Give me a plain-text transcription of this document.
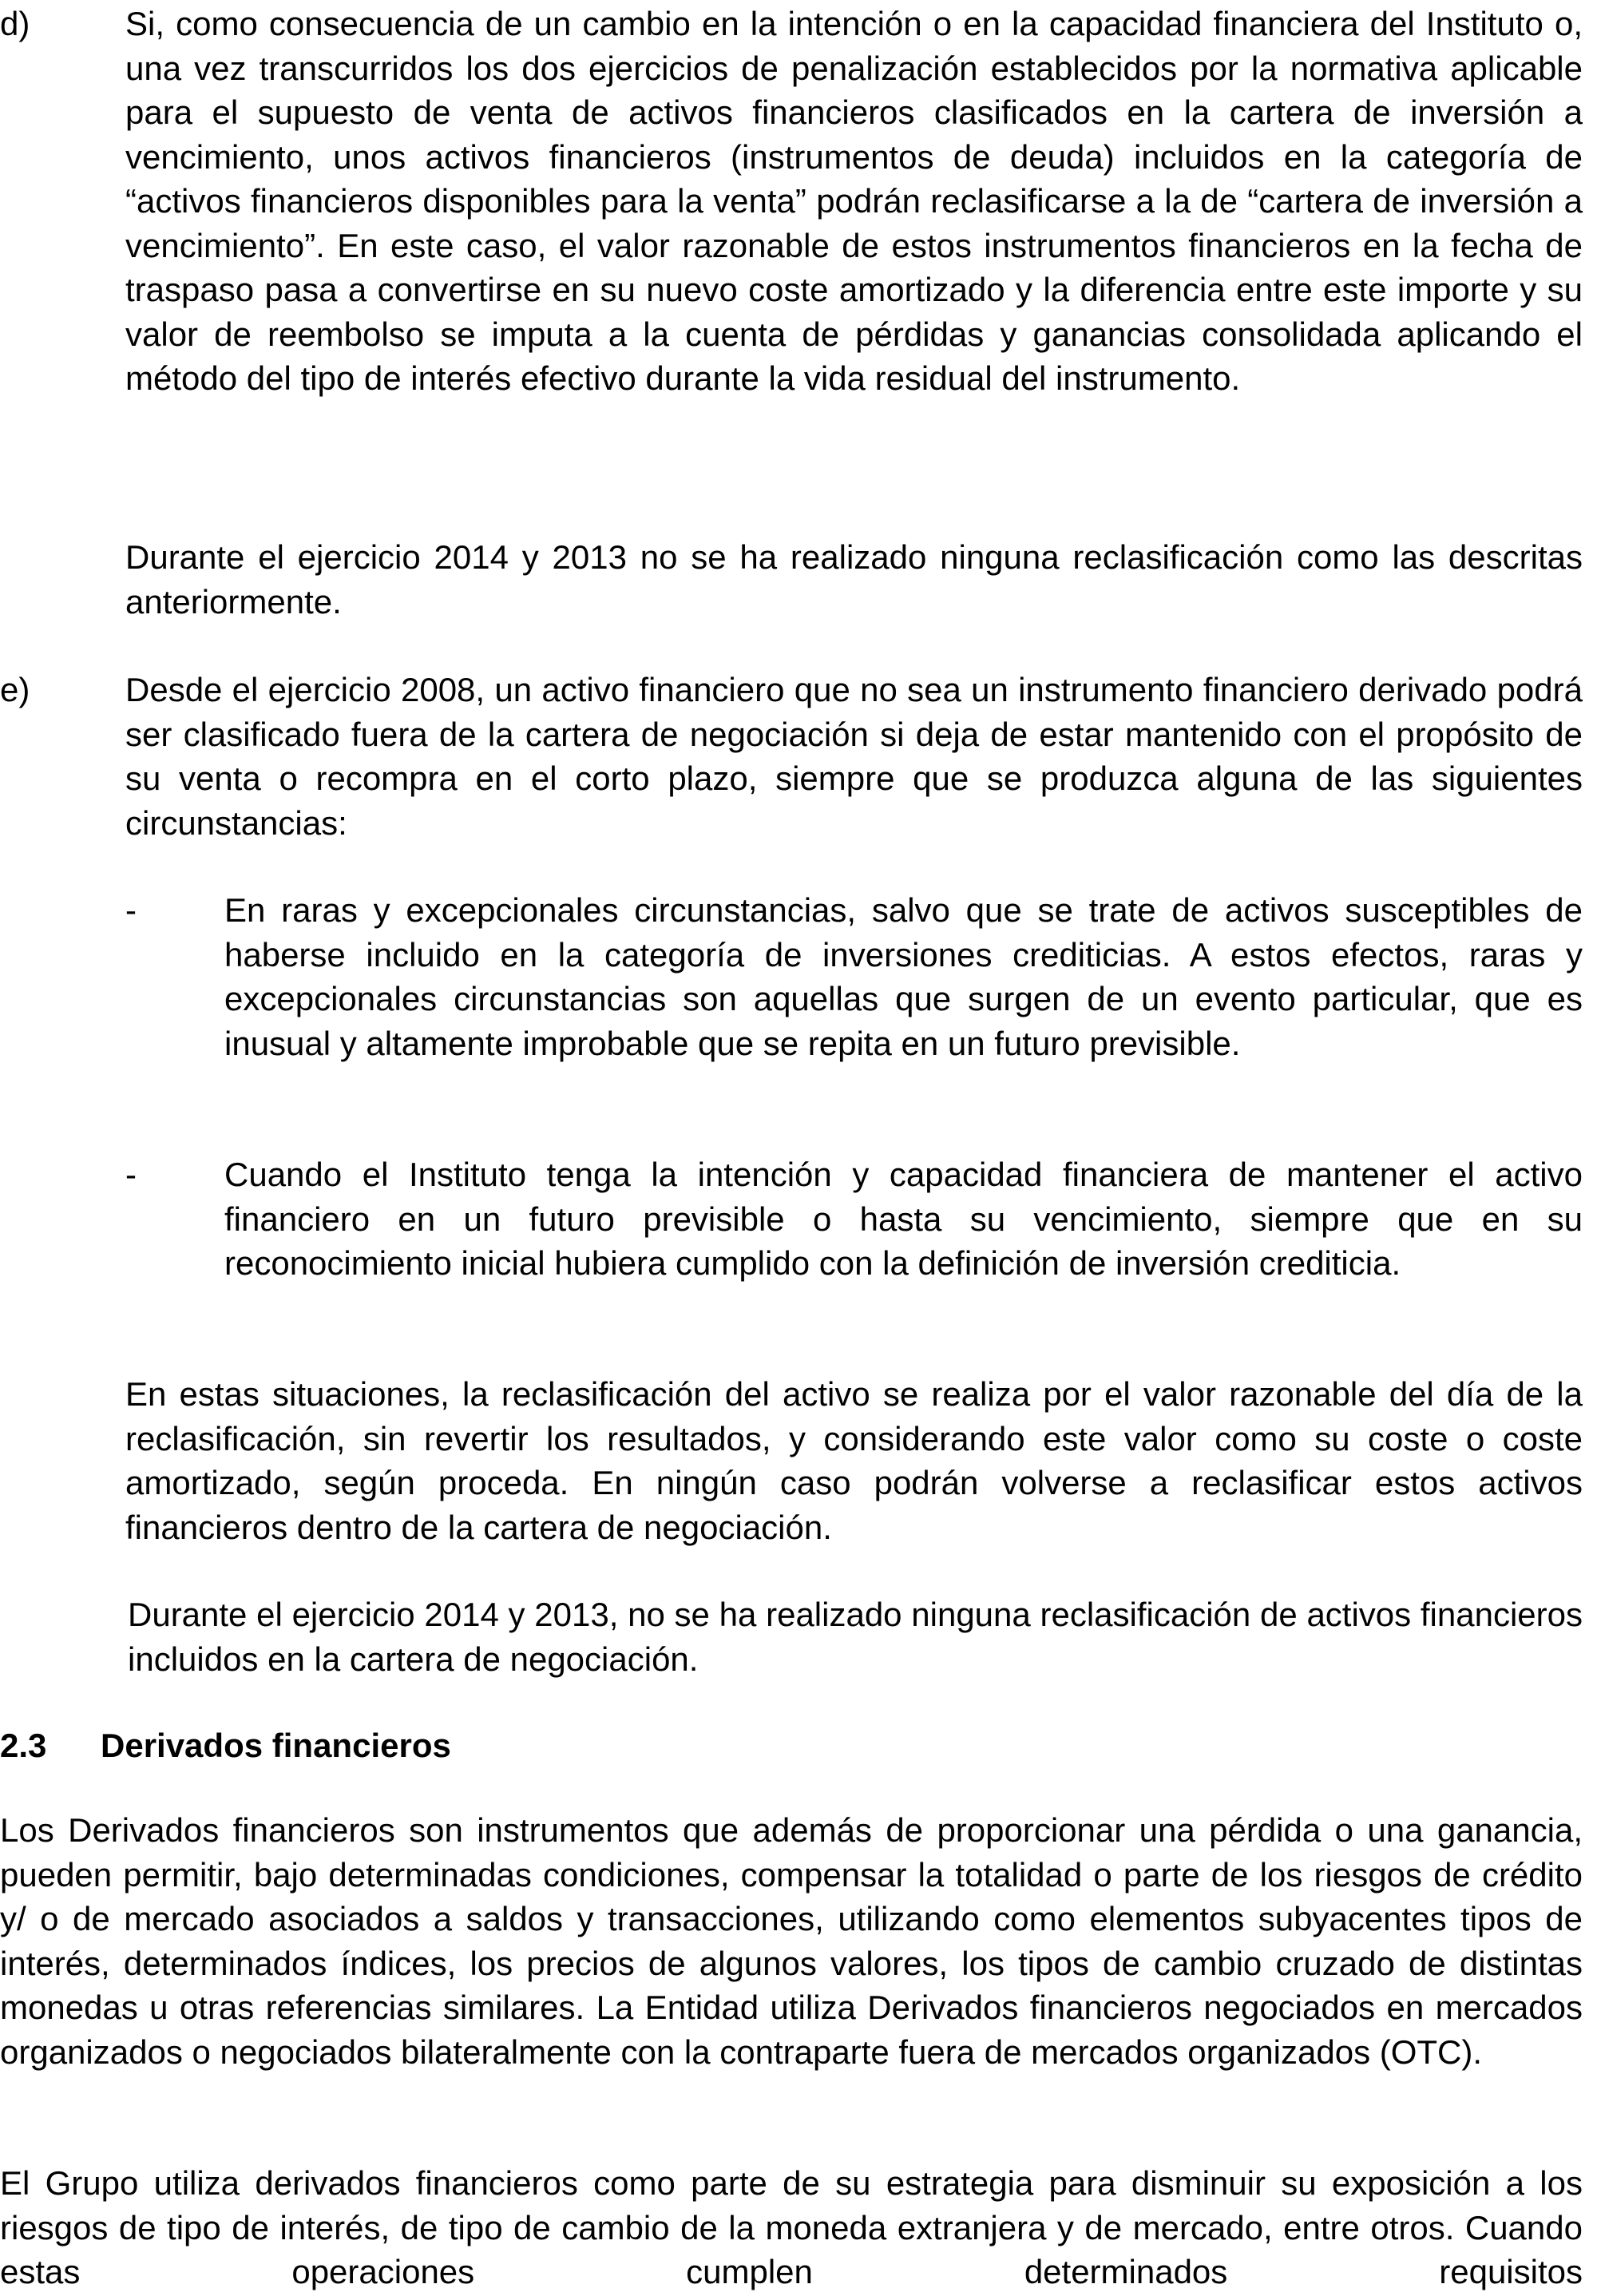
d)	Si, como consecuencia de un cambio en la intención o en la capacidad financiera del Instituto o, una vez transcurridos los dos ejercicios de penalización establecidos por la normativa aplicable para el supuesto de venta de activos financieros clasificados en la cartera de inversión a vencimiento, unos activos financieros (instrumentos de deuda) incluidos en la categoría de “activos financieros disponibles para la venta” podrán reclasificarse a la de “cartera de inversión a vencimiento”. En este caso, el valor razonable de estos instrumentos financieros en la fecha de traspaso pasa a convertirse en su nuevo coste amortizado y la diferencia entre este importe y su valor de reembolso se imputa a la cuenta de pérdidas y ganancias consolidada aplicando el método del tipo de interés efectivo durante la vida residual del instrumento.
Durante el ejercicio 2014 y 2013 no se ha realizado ninguna reclasificación como las descritas anteriormente.
e)	Desde el ejercicio 2008, un activo financiero que no sea un instrumento financiero derivado podrá ser clasificado fuera de la cartera de negociación si deja de estar mantenido con el propósito de su venta o recompra en el corto plazo, siempre que se produzca alguna de las siguientes circunstancias:
-	En raras y excepcionales circunstancias, salvo que se trate de activos susceptibles de haberse incluido en la categoría de inversiones crediticias. A estos efectos, raras y excepcionales circunstancias son aquellas que surgen de un evento particular, que es inusual y altamente improbable que se repita en un futuro previsible.
-	Cuando el Instituto tenga la intención y capacidad financiera de mantener el activo financiero en un futuro previsible o hasta su vencimiento, siempre que en su reconocimiento inicial hubiera cumplido con la definición de inversión crediticia.
En estas situaciones, la reclasificación del activo se realiza por el valor razonable del día de la reclasificación, sin revertir los resultados, y considerando este valor como su coste o coste amortizado, según proceda. En ningún caso podrán volverse a reclasificar estos activos financieros dentro de la cartera de negociación.
Durante el ejercicio 2014 y 2013, no se ha realizado ninguna reclasificación de activos financieros incluidos en la cartera de negociación.
2.3 Derivados financieros
Los Derivados financieros son instrumentos que además de proporcionar una pérdida o una ganancia, pueden permitir, bajo determinadas condiciones, compensar la totalidad o parte de los riesgos de crédito y/ o de mercado asociados a saldos y transacciones, utilizando como elementos subyacentes tipos de interés, determinados índices, los precios de algunos valores, los tipos de cambio cruzado de distintas monedas u otras referencias similares. La Entidad utiliza Derivados financieros negociados en mercados organizados o negociados bilateralmente con la contraparte fuera de mercados organizados (OTC).
El Grupo utiliza derivados financieros como parte de su estrategia para disminuir su exposición a los riesgos de tipo de interés, de tipo de cambio de la moneda extranjera y de mercado, entre otros. Cuando estas operaciones cumplen determinados requisitos
